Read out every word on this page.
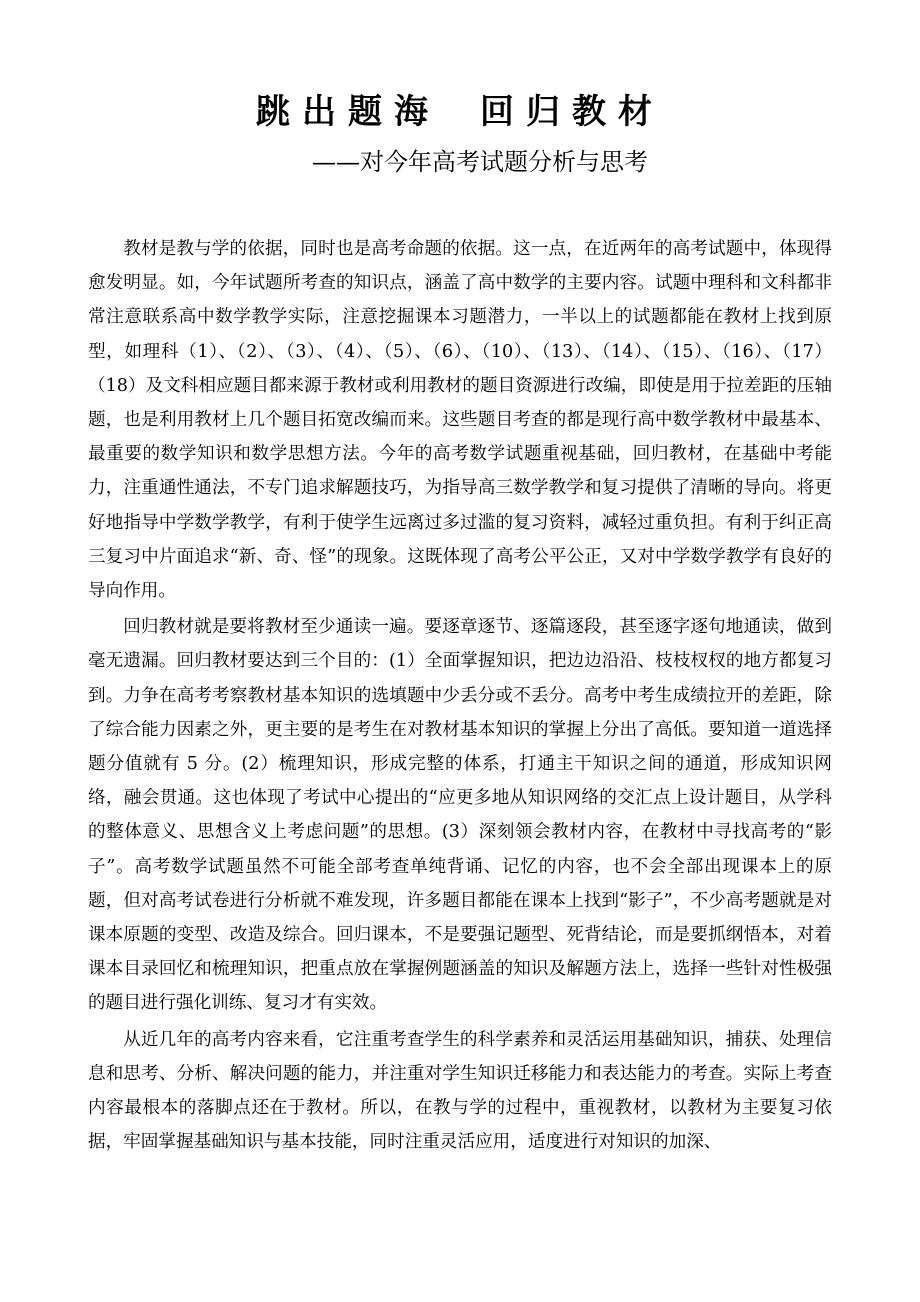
跳出题海 回归教材
——对今年高考试题分析与思考

教材是教与学的依据，同时也是高考命题的依据。这一点，在近两年的高考试题中，体现得愈发明显。如，今年试题所考查的知识点，涵盖了高中数学的主要内容。试题中理科和文科都非常注意联系高中数学教学实际，注意挖掘课本习题潜力，一半以上的试题都能在教材上找到原型，如理科（1）、（2）、（3）、（4）、（5）、（6）、（10）、（13）、（14）、（15）、（16）、（17）（18）及文科相应题目都来源于教材或利用教材的题目资源进行改编，即使是用于拉差距的压轴题，也是利用教材上几个题目拓宽改编而来。这些题目考查的都是现行高中数学教材中最基本、最重要的数学知识和数学思想方法。今年的高考数学试题重视基础，回归教材，在基础中考能力，注重通性通法，不专门追求解题技巧，为指导高三数学教学和复习提供了清晰的导向。将更好地指导中学数学教学，有利于使学生远离过多过滥的复习资料，减轻过重负担。有利于纠正高三复习中片面追求“新、奇、怪”的现象。这既体现了高考公平公正，又对中学数学教学有良好的导向作用。

回归教材就是要将教材至少通读一遍。要逐章逐节、逐篇逐段，甚至逐字逐句地通读，做到毫无遗漏。回归教材要达到三个目的：(1）全面掌握知识，把边边沿沿、枝枝杈杈的地方都复习到。力争在高考考察教材基本知识的选填题中少丢分或不丢分。高考中考生成绩拉开的差距，除了综合能力因素之外，更主要的是考生在对教材基本知识的掌握上分出了高低。要知道一道选择题分值就有 5 分。(2）梳理知识，形成完整的体系，打通主干知识之间的通道，形成知识网络，融会贯通。这也体现了考试中心提出的“应更多地从知识网络的交汇点上设计题目，从学科的整体意义、思想含义上考虑问题”的思想。(3）深刻领会教材内容，在教材中寻找高考的“影子”。高考数学试题虽然不可能全部考查单纯背诵、记忆的内容，也不会全部出现课本上的原题，但对高考试卷进行分析就不难发现，许多题目都能在课本上找到“影子”，不少高考题就是对课本原题的变型、改造及综合。回归课本，不是要强记题型、死背结论，而是要抓纲悟本，对着课本目录回忆和梳理知识，把重点放在掌握例题涵盖的知识及解题方法上，选择一些针对性极强的题目进行强化训练、复习才有实效。

从近几年的高考内容来看，它注重考查学生的科学素养和灵活运用基础知识，捕获、处理信息和思考、分析、解决问题的能力，并注重对学生知识迁移能力和表达能力的考查。实际上考查内容最根本的落脚点还在于教材。所以，在教与学的过程中，重视教材，以教材为主要复习依据，牢固掌握基础知识与基本技能，同时注重灵活应用，适度进行对知识的加深、
